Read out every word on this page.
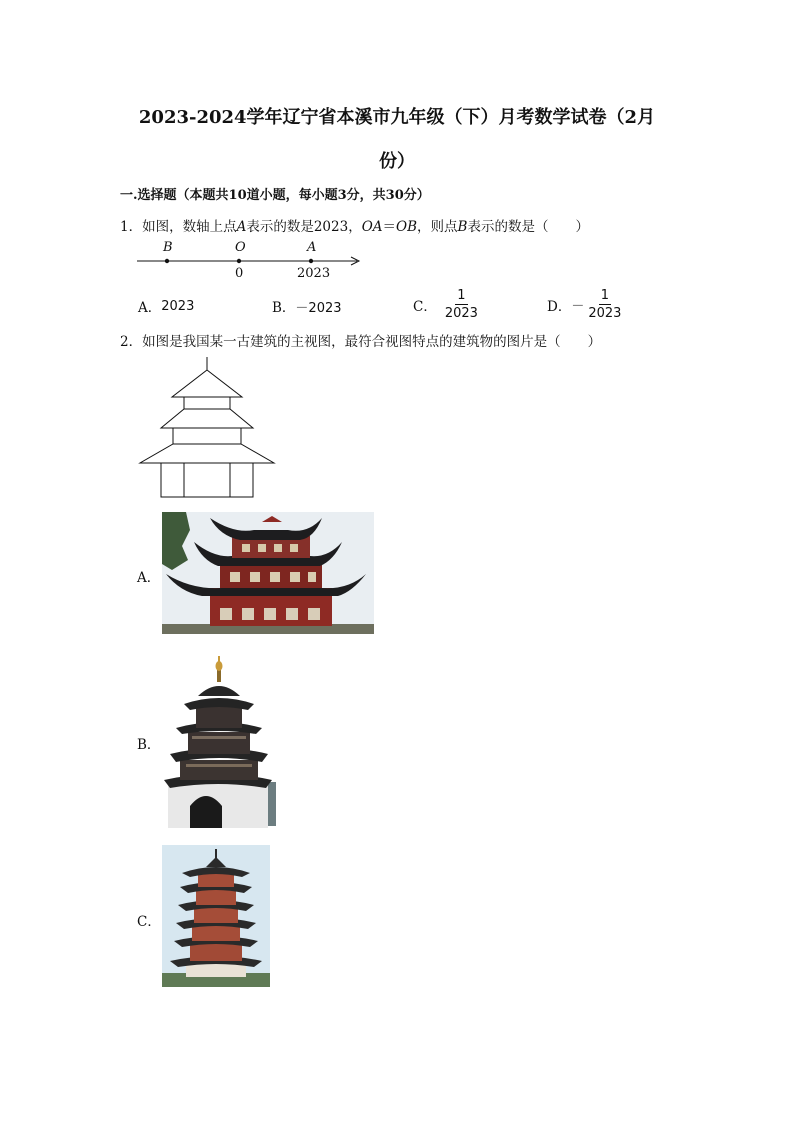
2023-2024学年辽宁省本溪市九年级（下）月考数学试卷（2月
份）
一.选择题（本题共10道小题，每小题3分，共30分）
1．如图，数轴上点A表示的数是2023，OA＝OB，则点B表示的数是（　　）
B	O	A
0	2023
A． 2023	B． －2023	C． $\frac{1}{2023}$	D． － $\frac{1}{2023}$
2．如图是我国某一古建筑的主视图，最符合视图特点的建筑物的图片是（　　）
A．
B．
C．
